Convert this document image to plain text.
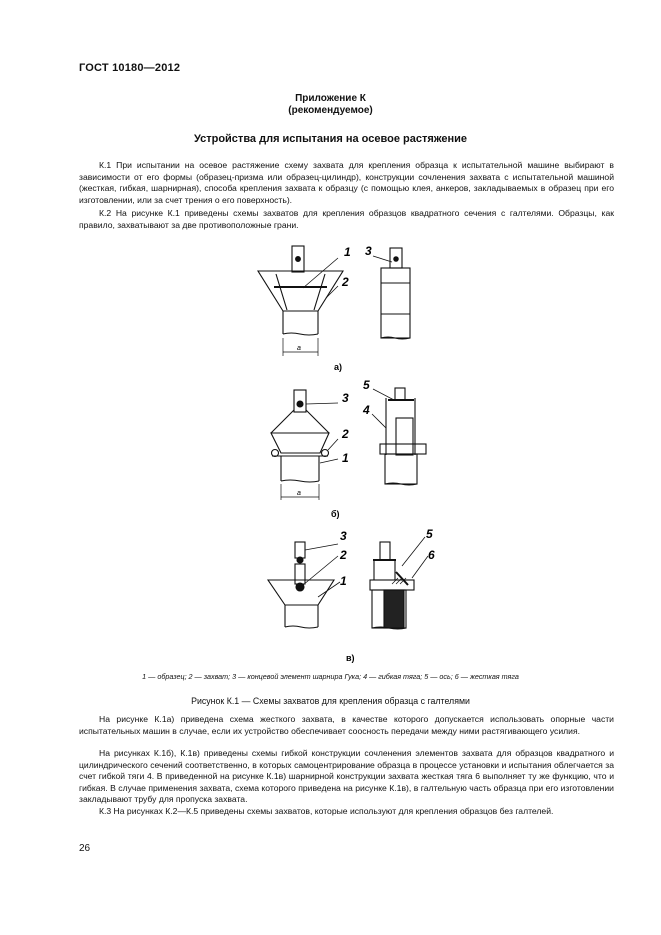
ГОСТ 10180—2012
Приложение К
(рекомендуемое)
Устройства для испытания на осевое растяжение

К.1 При испытании на осевое растяжение схему захвата для крепления образца к испытательной машине выбирают в зависимости от его формы (образец-призма или образец-цилиндр), конструкции сочленения захвата с испытательной машиной (жесткая, гибкая, шарнирная), способа крепления захвата к образцу (с помощью клея, анкеров, закладываемых в образец при его изготовлении, или за счет трения о его поверхность).

К.2 На рисунке К.1 приведены схемы захватов для крепления образцов квадратного сечения с галтелями. Образцы, как правило, захватывают за две противоположные грани.

1
2
3
a
а)
3
2
1
5
4
a
б)
3
2
1
5
6
в)
1 — образец; 2 — захват; 3 — концевой элемент шарнира Гука; 4 — гибкая тяга; 5 — ось; 6 — жесткая тяга
Рисунок К.1 — Схемы захватов для крепления образца с галтелями

На рисунке К.1а) приведена схема жесткого захвата, в качестве которого допускается использовать опорные части испытательных машин в случае, если их устройство обеспечивает соосность передачи между ними растягивающего усилия.

На рисунках К.1б), К.1в) приведены схемы гибкой конструкции сочленения элементов захвата для образцов квадратного и цилиндрического сечений соответственно, в которых самоцентрирование образца в процессе установки и испытания облегчается за счет гибкой тяги 4. В приведенной на рисунке К.1в) шарнирной конструкции захвата жесткая тяга 6 выполняет ту же функцию, что и гибкая. В случае применения захвата, схема которого приведена на рисунке К.1в), в галтельную часть образца при его изготовлении закладывают трубу для пропуска захвата.

К.3 На рисунках К.2—К.5 приведены схемы захватов, которые используют для крепления образцов без галтелей.

26
